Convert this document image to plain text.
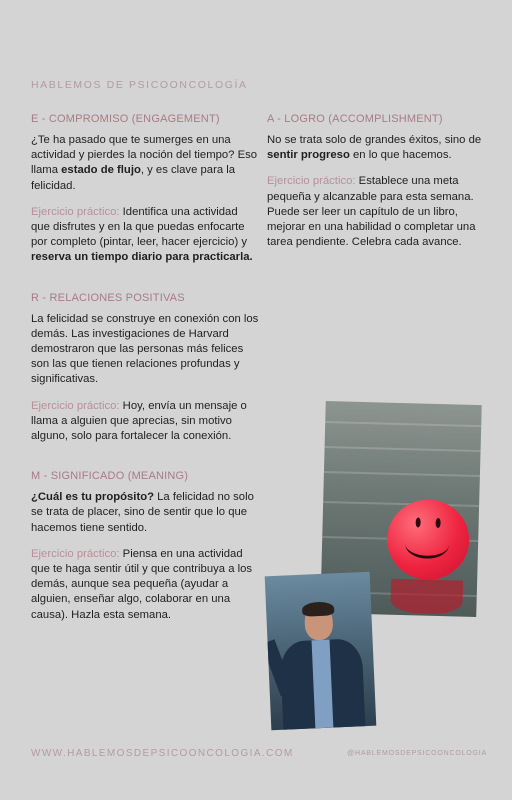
HABLEMOS DE PSICOONCOLOGÍA
E - COMPROMISO (ENGAGEMENT)

¿Te ha pasado que te sumerges en una actividad y pierdes la noción del tiempo? Eso llama estado de flujo, y es clave para la felicidad.

Ejercicio práctico: Identifica una actividad que disfrutes y en la que puedas enfocarte por completo (pintar, leer, hacer ejercicio) y reserva un tiempo diario para practicarla.

R - RELACIONES POSITIVAS

La felicidad se construye en conexión con los demás. Las investigaciones de Harvard demostraron que las personas más felices son las que tienen relaciones profundas y significativas.

Ejercicio práctico: Hoy, envía un mensaje o llama a alguien que aprecias, sin motivo alguno, solo para fortalecer la conexión.

M - SIGNIFICADO (MEANING)

¿Cuál es tu propósito? La felicidad no solo se trata de placer, sino de sentir que lo que hacemos tiene sentido.

Ejercicio práctico: Piensa en una actividad que te haga sentir útil y que contribuya a los demás, aunque sea pequeña (ayudar a alguien, enseñar algo, colaborar en una causa). Hazla esta semana.

A - LOGRO (ACCOMPLISHMENT)

No se trata solo de grandes éxitos, sino de sentir progreso en lo que hacemos.

Ejercicio práctico: Establece una meta pequeña y alcanzable para esta semana. Puede ser leer un capítulo de un libro, mejorar en una habilidad o completar una tarea pendiente. Celebra cada avance.

WWW.HABLEMOSDEPSICOONCOLOGIA.COM	@HABLEMOSDEPSICOONCOLOGIA
